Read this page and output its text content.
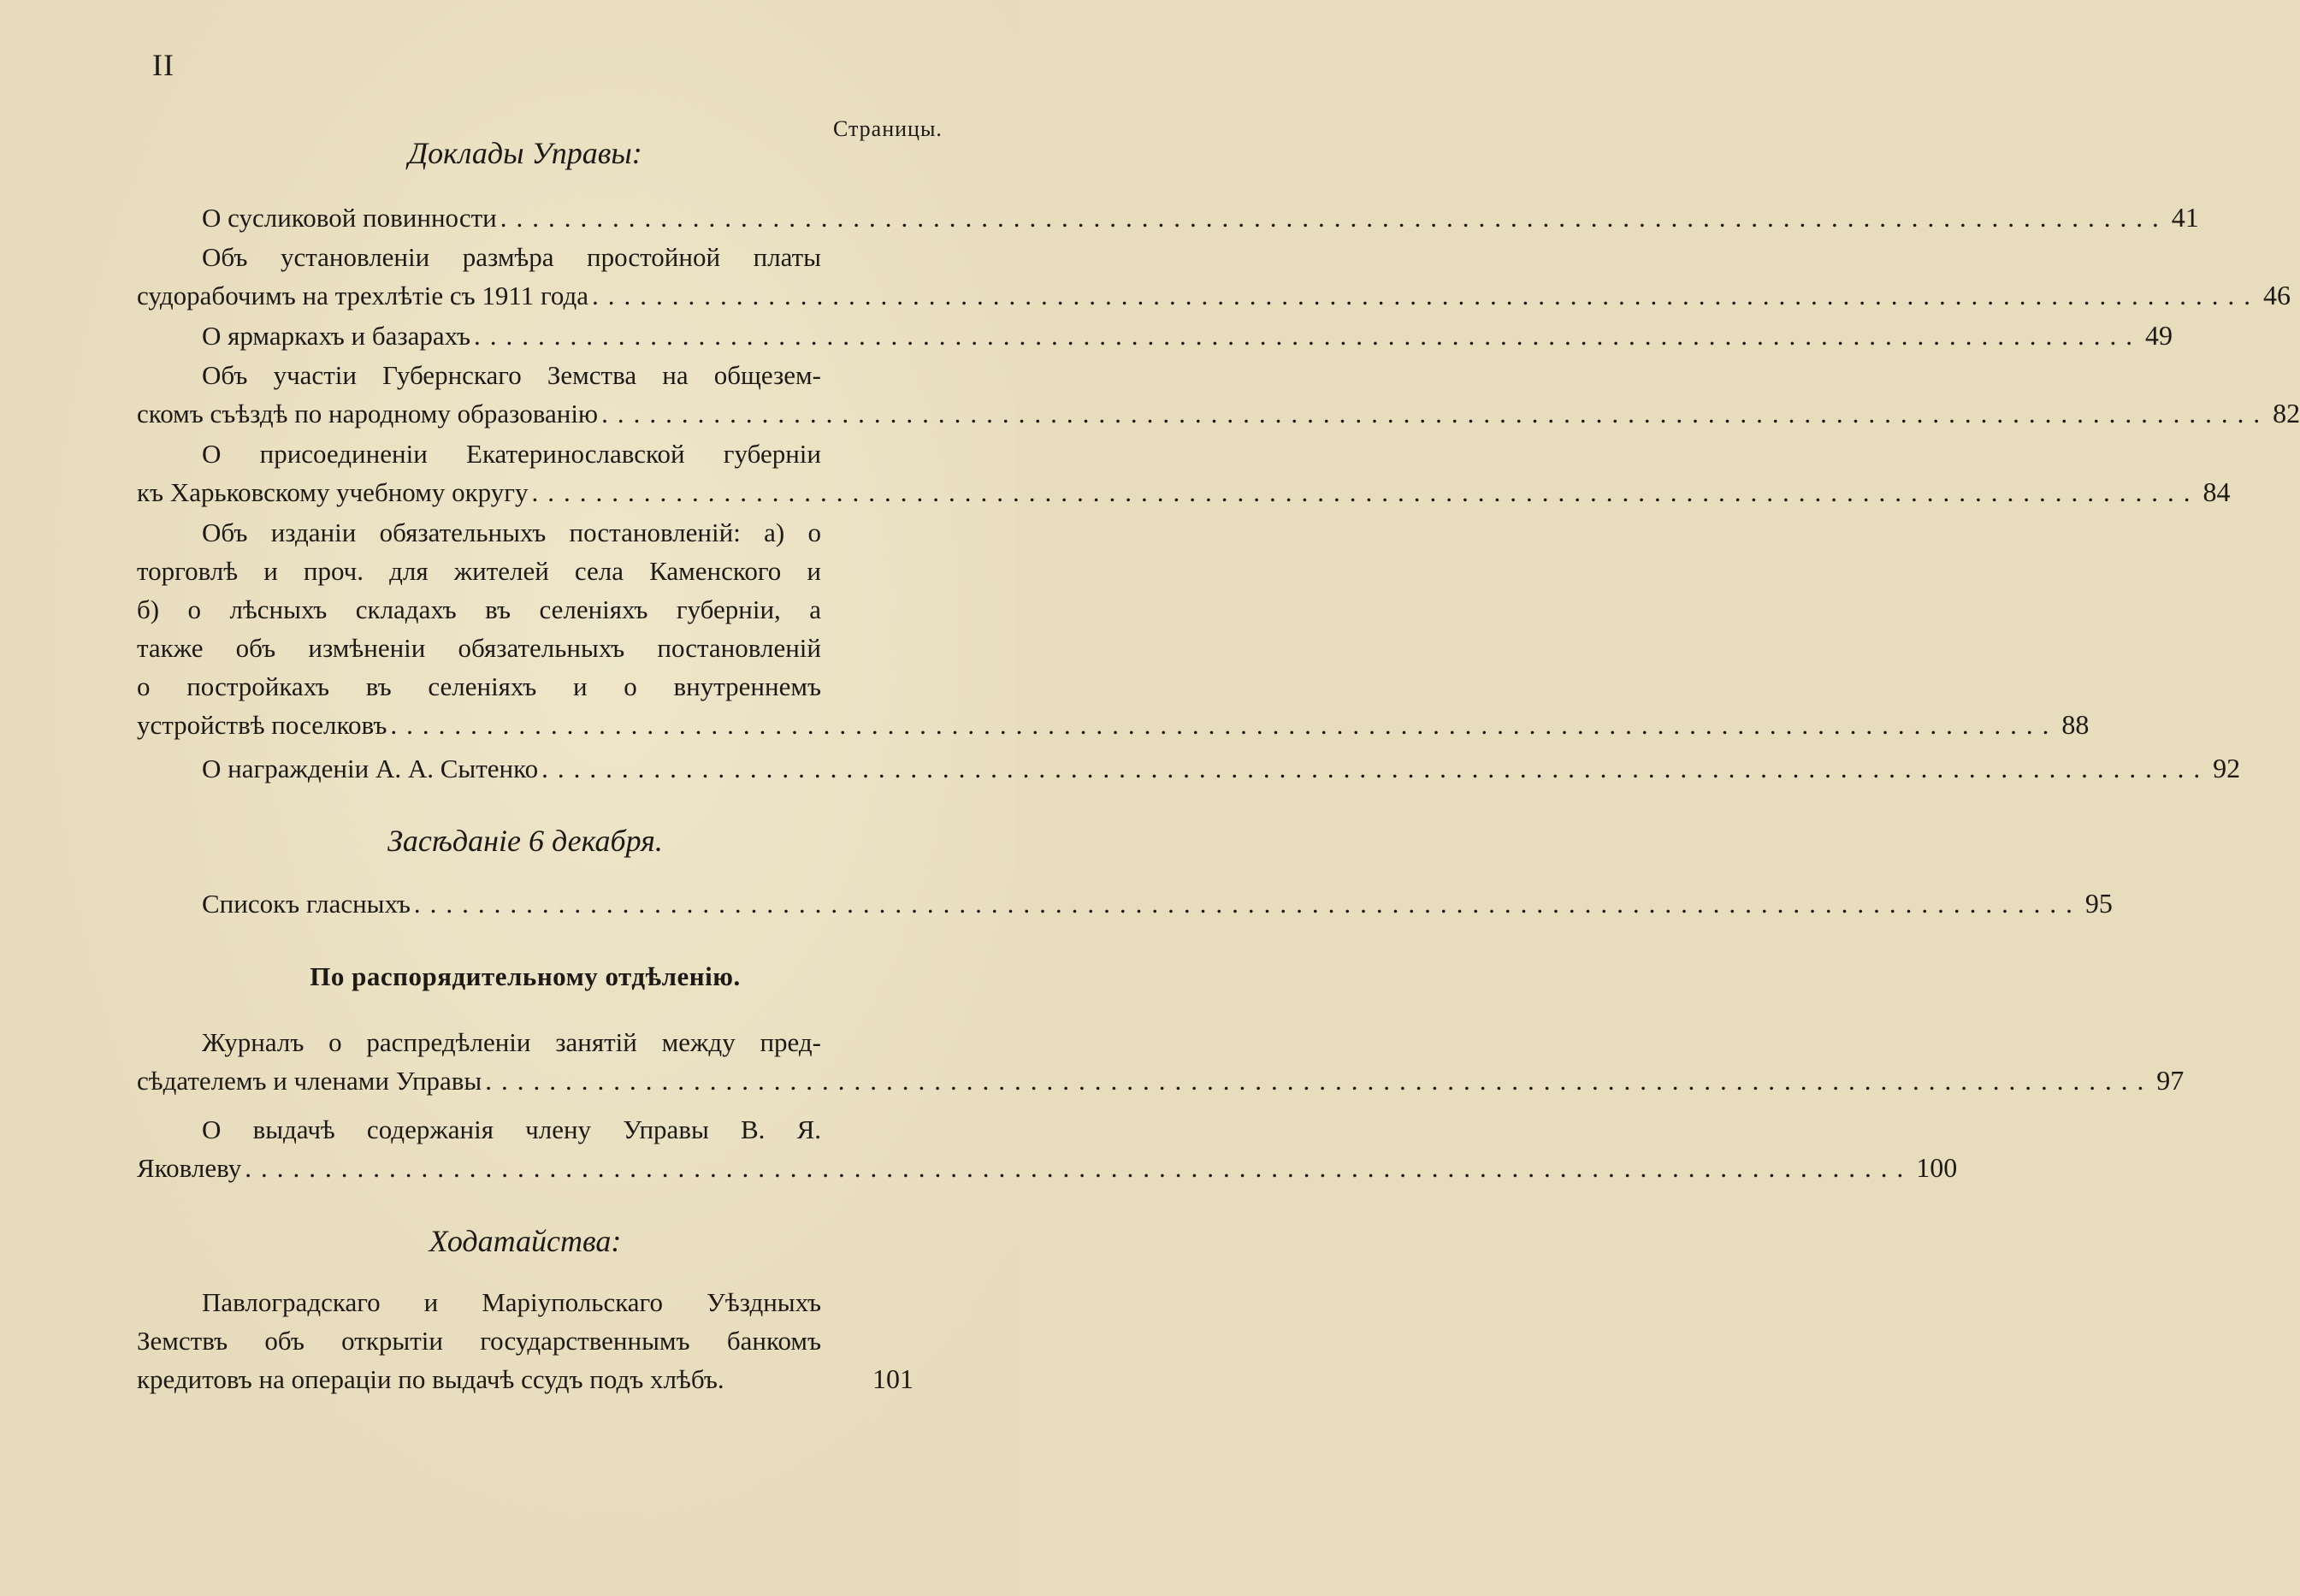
II
Страницы.
Доклады Управы:
О сусликовой повинности ........................................................................................................ 41
Объ установленiи размѣра простойной платы
судорабочимъ на трехлѣтiе съ 1911 года ........................................................................................................ 46
О ярмаркахъ и базарахъ ........................................................................................................ 49
Объ участiи Губернскаго Земства на общезем-
скомъ съѣздѣ по народному образованiю ........................................................................................................ 82
О присоединенiи Екатеринославской губернiи
къ Харьковскому учебному округу ........................................................................................................ 84
Объ изданiи обязательныхъ постановленiй: а) о
торговлѣ и проч. для жителей села Каменского и
б) о лѣсныхъ складахъ въ селенiяхъ губернiи, а
также объ измѣненiи обязательныхъ постановленiй
о постройкахъ въ селенiяхъ и о внутреннемъ
устройствѣ поселковъ ........................................................................................................ 88
О награжденiи А. А. Сытенко ........................................................................................................ 92
Засѣданiе 6 декабря.
Списокъ гласныхъ ........................................................................................................ 95
По распорядительному отдѣленiю.
Журналъ о распредѣленiи занятiй между пред-
сѣдателемъ и членами Управы ........................................................................................................ 97
О выдачѣ содержанiя члену Управы В. Я.
Яковлеву ........................................................................................................ 100
Ходатайства:
Павлоградскаго и Марiупольскаго Уѣздныхъ
Земствъ объ открытiи государственнымъ банкомъ
кредитовъ на операцiи по выдачѣ ссудъ подъ хлѣбъ.	101
